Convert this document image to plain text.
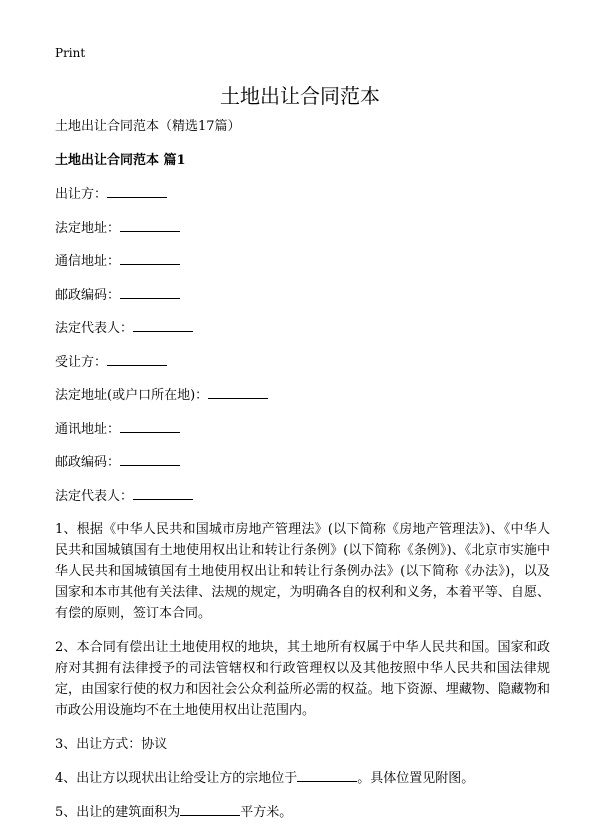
Print
土地出让合同范本

土地出让合同范本（精选17篇）

土地出让合同范本 篇1

出让方：
法定地址：
通信地址：
邮政编码：
法定代表人：
受让方：
法定地址(或户口所在地)：
通讯地址：
邮政编码：
法定代表人：

1、根据《中华人民共和国城市房地产管理法》(以下简称《房地产管理法》)、《中华人民共和国城镇国有土地使用权出让和转让行条例》(以下简称《条例》)、《北京市实施中华人民共和国城镇国有土地使用权出让和转让行条例办法》(以下简称《办法》)，以及国家和本市其他有关法律、法规的规定，为明确各自的权利和义务，本着平等、自愿、有偿的原则，签订本合同。

2、本合同有偿出让土地使用权的地块，其土地所有权属于中华人民共和国。国家和政府对其拥有法律授予的司法管辖权和行政管理权以及其他按照中华人民共和国法律规定，由国家行使的权力和因社会公众利益所必需的权益。地下资源、埋藏物、隐藏物和市政公用设施均不在土地使用权出让范围内。

3、出让方式：协议

4、出让方以现状出让给受让方的宗地位于	。具体位置见附图。

5、出让的建筑面积为	平方米。
